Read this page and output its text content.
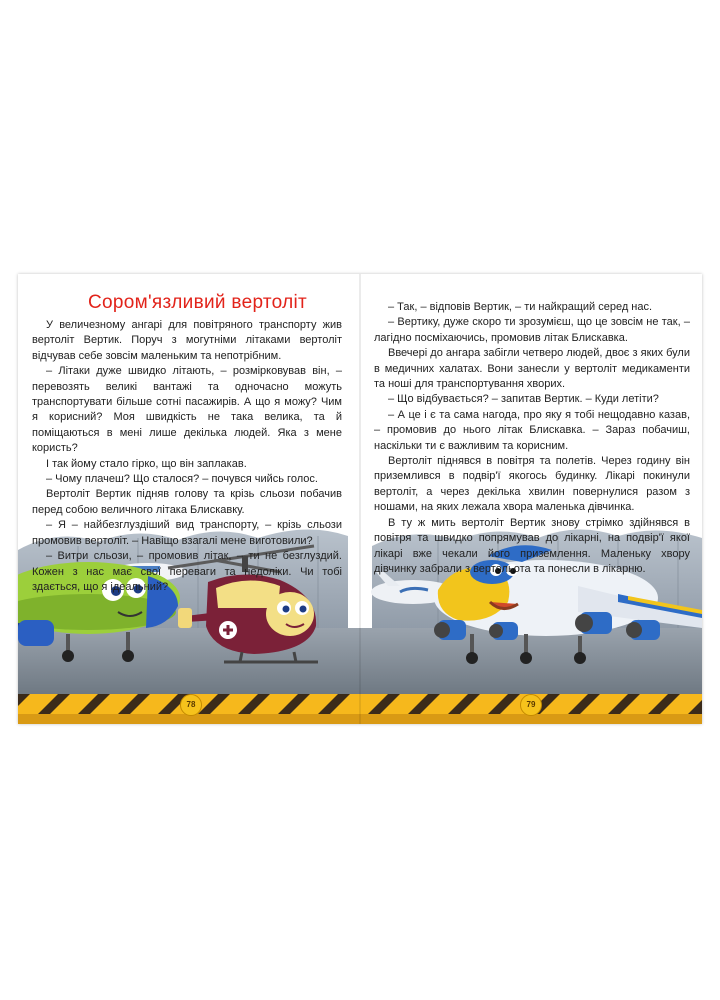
Сором'язливий вертоліт

У величезному ангарі для повітряного транспорту жив вертоліт Вертик. Поруч з могутніми літаками вертоліт відчував себе зовсім маленьким та непотрібним.

– Літаки дуже швидко літають, – розмірковував він, – перевозять великі вантажі та одночасно можуть транспортувати більше сотні пасажирів. А що я можу? Чим я корисний? Моя швидкість не така велика, та й поміщаються в мені лише декілька людей. Яка з мене користь?

І так йому стало гірко, що він заплакав.

– Чому плачеш? Що сталося? – почувся чийсь голос.

Вертоліт Вертик підняв голову та крізь сльози побачив перед собою величного літака Блискавку.

– Я – найбезглуздіший вид транспорту, – крізь сльози промовив вертоліт. – Навіщо взагалі мене виготовили?

– Витри сльози, – промовив літак, – ти не безглуздий. Кожен з нас має свої переваги та недоліки. Чи тобі здається, що я ідеальний?

– Так, – відповів Вертик, – ти найкращий серед нас.

– Вертику, дуже скоро ти зрозумієш, що це зовсім не так, – лагідно посміхаючись, промовив літак Блискавка.

Ввечері до ангара забігли четверо людей, двоє з яких були в медичних халатах. Вони занесли у вертоліт медикаменти та ноші для транспортування хворих.

– Що відбувається? – запитав Вертик. – Куди летіти?

– А це і є та сама нагода, про яку я тобі нещодавно казав, – промовив до нього літак Блискавка. – Зараз побачиш, наскільки ти є важливим та корисним.

Вертоліт піднявся в повітря та полетів. Через годину він приземлився в подвір'ї якогось будинку. Лікарі покинули вертоліт, а через декілька хвилин повернулися разом з ношами, на яких лежала хвора маленька дівчинка.

В ту ж мить вертоліт Вертик знову стрімко здійнявся в повітря та швидко попрямував до лікарні, на подвір'ї якої лікарі вже чекали його приземлення. Маленьку хвору дівчинку забрали з вертольота та понесли в лікарню.

78	79
